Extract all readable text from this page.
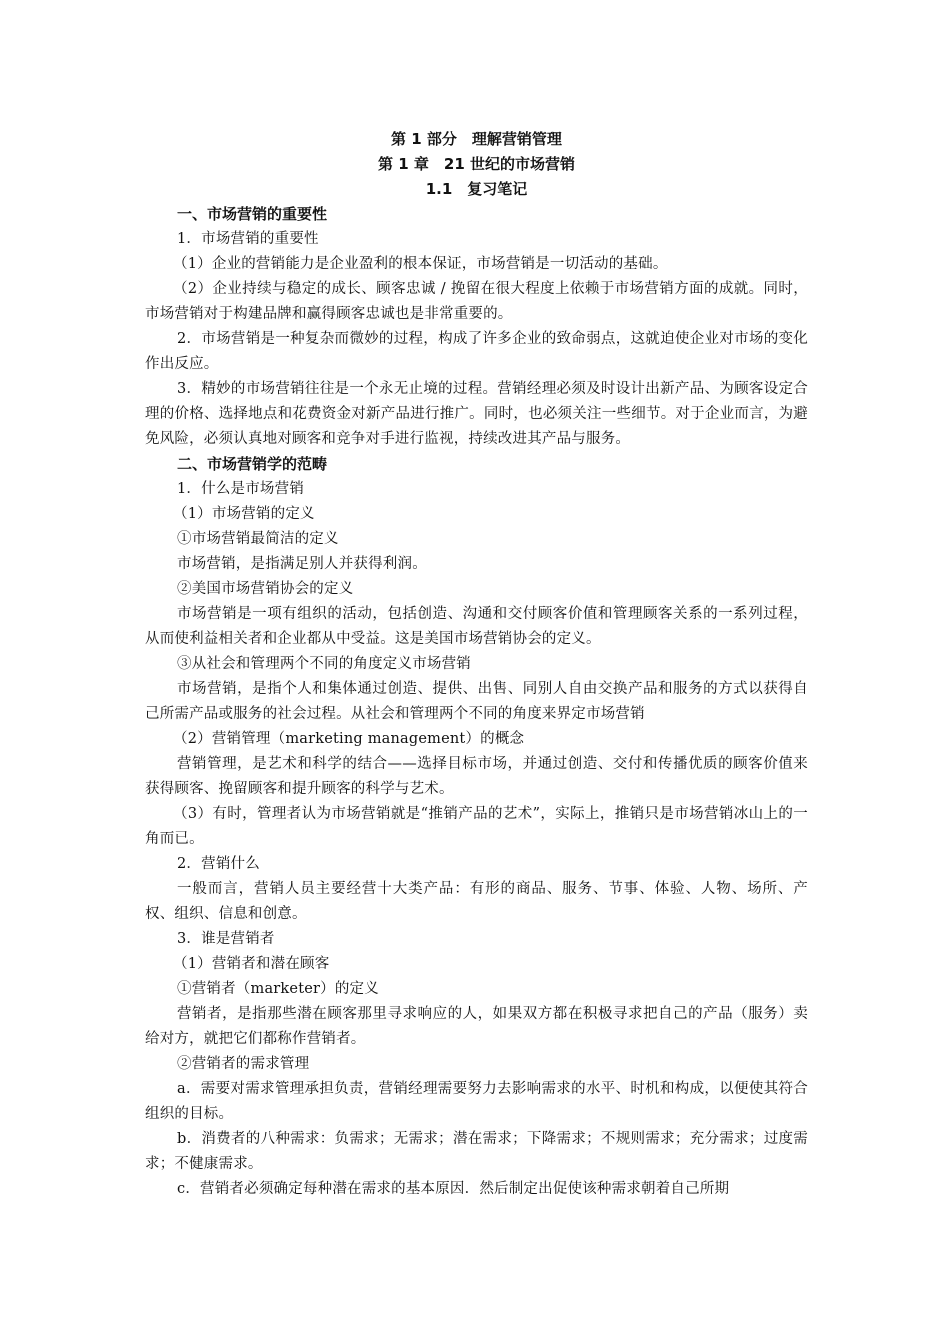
第 1 部分　理解营销管理

第 1 章　21 世纪的市场营销

1.1　复习笔记

一、市场营销的重要性

1．市场营销的重要性

（1）企业的营销能力是企业盈利的根本保证，市场营销是一切活动的基础。

（2）企业持续与稳定的成长、顾客忠诚 / 挽留在很大程度上依赖于市场营销方面的成就。同时，市场营销对于构建品牌和赢得顾客忠诚也是非常重要的。

2．市场营销是一种复杂而微妙的过程，构成了许多企业的致命弱点，这就迫使企业对市场的变化作出反应。

3．精妙的市场营销往往是一个永无止境的过程。营销经理必须及时设计出新产品、为顾客设定合理的价格、选择地点和花费资金对新产品进行推广。同时，也必须关注一些细节。对于企业而言，为避免风险，必须认真地对顾客和竞争对手进行监视，持续改进其产品与服务。

二、市场营销学的范畴

1．什么是市场营销

（1）市场营销的定义

①市场营销最简洁的定义

市场营销，是指满足别人并获得利润。

②美国市场营销协会的定义

市场营销是一项有组织的活动，包括创造、沟通和交付顾客价值和管理顾客关系的一系列过程，从而使利益相关者和企业都从中受益。这是美国市场营销协会的定义。

③从社会和管理两个不同的角度定义市场营销

市场营销，是指个人和集体通过创造、提供、出售、同别人自由交换产品和服务的方式以获得自己所需产品或服务的社会过程。从社会和管理两个不同的角度来界定市场营销

（2）营销管理（marketing management）的概念

营销管理，是艺术和科学的结合——选择目标市场，并通过创造、交付和传播优质的顾客价值来获得顾客、挽留顾客和提升顾客的科学与艺术。

（3）有时，管理者认为市场营销就是“推销产品的艺术”，实际上，推销只是市场营销冰山上的一角而已。

2．营销什么

一般而言，营销人员主要经营十大类产品：有形的商品、服务、节事、体验、人物、场所、产权、组织、信息和创意。

3．谁是营销者

（1）营销者和潜在顾客

①营销者（marketer）的定义

营销者，是指那些潜在顾客那里寻求响应的人，如果双方都在积极寻求把自己的产品（服务）卖给对方，就把它们都称作营销者。

②营销者的需求管理

a．需要对需求管理承担负责，营销经理需要努力去影响需求的水平、时机和构成，以便使其符合组织的目标。

b．消费者的八种需求：负需求；无需求；潜在需求；下降需求；不规则需求；充分需求；过度需求；不健康需求。

c．营销者必须确定每种潜在需求的基本原因．然后制定出促使该种需求朝着自己所期
